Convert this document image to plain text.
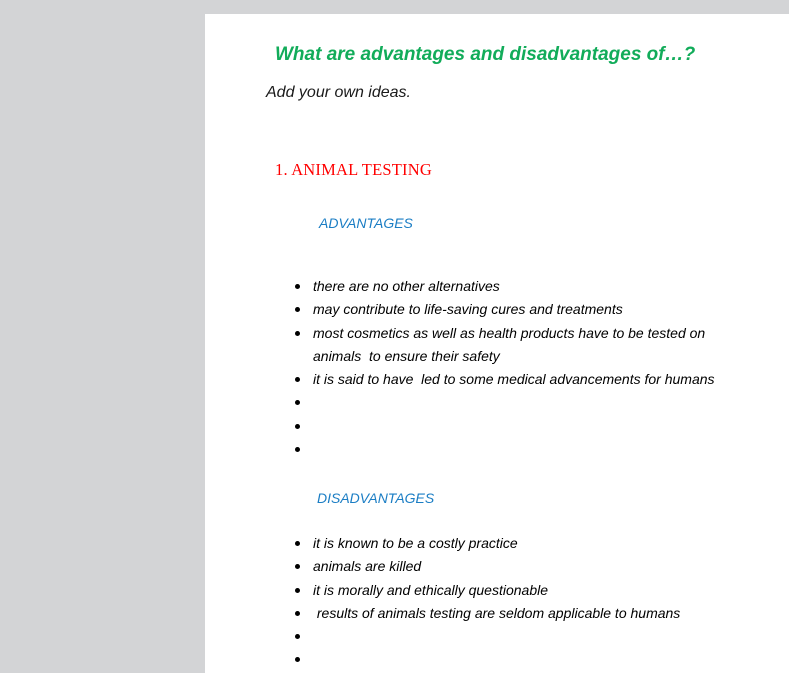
What are advantages and disadvantages of…?
Add your own ideas.
1. ANIMAL TESTING
ADVANTAGES
there are no other alternatives
may contribute to life-saving cures and treatments
most cosmetics as well as health products have to be tested on animals  to ensure their safety
it is said to have  led to some medical advancements for humans
DISADVANTAGES
it is known to be a costly practice
animals are killed
it is morally and ethically questionable
results of animals testing are seldom applicable to humans
